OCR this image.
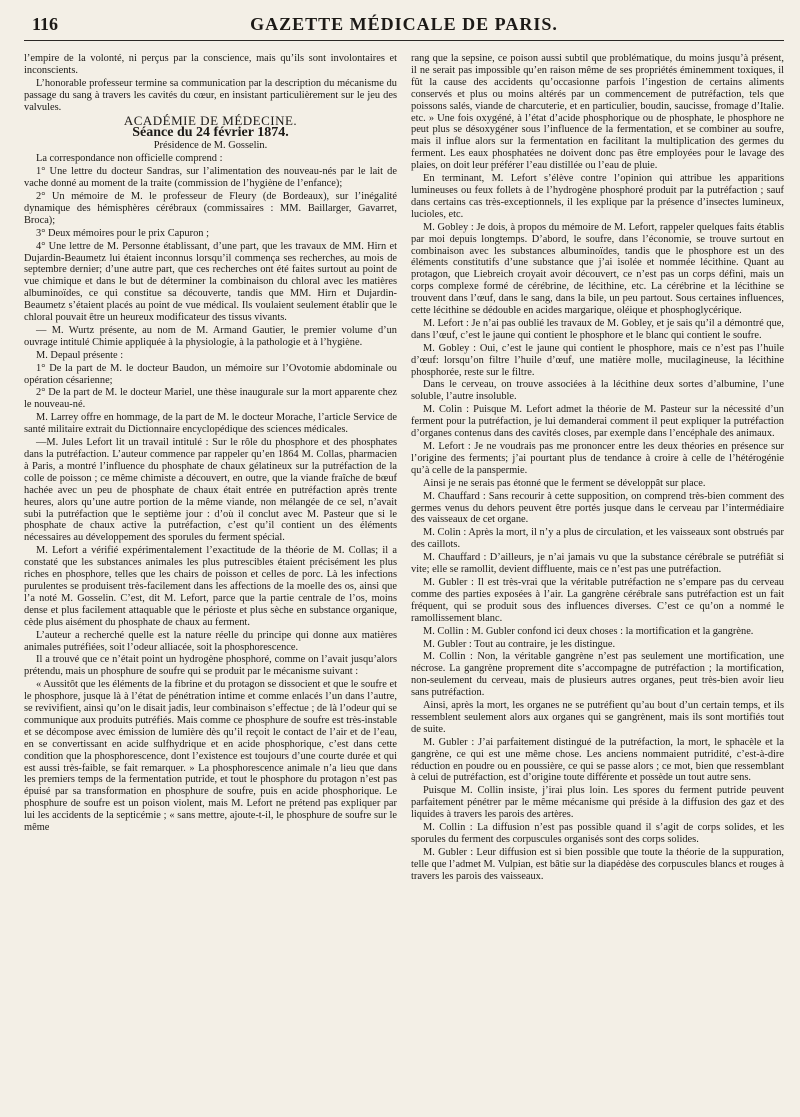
116	GAZETTE MÉDICALE DE PARIS.

l’empire de la volonté, ni perçus par la conscience, mais qu’ils sont involontaires et inconscients.

L’honorable professeur termine sa communication par la description du mécanisme du passage du sang à travers les cavités du cœur, en insistant particulièrement sur le jeu des valvules.

ACADÉMIE DE MÉDECINE.

Séance du 24 février 1874.

Présidence de M. Gosselin.

La correspondance non officielle comprend :

1° Une lettre du docteur Sandras, sur l’alimentation des nouveau-nés par le lait de vache donné au moment de la traite (commission de l’hygiène de l’enfance);

2° Un mémoire de M. le professeur de Fleury (de Bordeaux), sur l’inégalité dynamique des hémisphères cérébraux (commissaires : MM. Baillarger, Gavarret, Broca);

3° Deux mémoires pour le prix Capuron ;

4° Une lettre de M. Personne établissant, d’une part, que les travaux de MM. Hirn et Dujardin-Beaumetz lui étaient inconnus lorsqu’il commença ses recherches, au mois de septembre dernier; d’une autre part, que ces recherches ont été faites surtout au point de vue chimique et dans le but de déterminer la combinaison du chloral avec les matières albuminoïdes, ce qui constitue sa découverte, tandis que MM. Hirn et Dujardin-Beaumetz s’étaient placés au point de vue médical. Ils voulaient seulement établir que le chloral pouvait être un heureux modificateur des tissus vivants.

— M. Wurtz présente, au nom de M. Armand Gautier, le premier volume d’un ouvrage intitulé Chimie appliquée à la physiologie, à la pathologie et à l’hygiène.

M. Depaul présente :

1° De la part de M. le docteur Baudon, un mémoire sur l’Ovotomie abdominale ou opération césarienne;

2° De la part de M. le docteur Mariel, une thèse inaugurale sur la mort apparente chez le nouveau-né.

M. Larrey offre en hommage, de la part de M. le docteur Morache, l’article Service de santé militaire extrait du Dictionnaire encyclopédique des sciences médicales.

—M. Jules Lefort lit un travail intitulé : Sur le rôle du phosphore et des phosphates dans la putréfaction. L’auteur commence par rappeler qu’en 1864 M. Collas, pharmacien à Paris, a montré l’influence du phosphate de chaux gélatineux sur la putréfaction de la colle de poisson ; ce même chimiste a découvert, en outre, que la viande fraîche de bœuf hachée avec un peu de phosphate de chaux était entrée en putréfaction après trente heures, alors qu’une autre portion de la même viande, non mélangée de ce sel, n’avait subi la putréfaction que le septième jour : d’où il conclut avec M. Pasteur que si le phosphate de chaux active la putréfaction, c’est qu’il contient un des éléments nécessaires au développement des sporules du ferment spécial.

M. Lefort a vérifié expérimentalement l’exactitude de la théorie de M. Collas; il a constaté que les substances animales les plus putrescibles étaient précisément les plus riches en phosphore, telles que les chairs de poisson et celles de porc. Là les infections purulentes se produisent très-facilement dans les affections de la moelle des os, ainsi que l’a noté M. Gosselin. C’est, dit M. Lefort, parce que la partie centrale de l’os, moins dense et plus facilement attaquable que le périoste et plus sèche en substance organique, cède plus aisément du phosphate de chaux au ferment.

L’auteur a recherché quelle est la nature réelle du principe qui donne aux matières animales putréfiées, soit l’odeur alliacée, soit la phosphorescence.

Il a trouvé que ce n’était point un hydrogène phosphoré, comme on l’avait jusqu’alors prétendu, mais un phosphure de soufre qui se produit par le mécanisme suivant :

« Aussitôt que les éléments de la fibrine et du protagon se dissocient et que le soufre et le phosphore, jusque là à l’état de pénétration intime et comme enlacés l’un dans l’autre, se revivifient, ainsi qu’on le disait jadis, leur combinaison s’effectue ; de là l’odeur qui se communique aux produits putréfiés. Mais comme ce phosphure de soufre est très-instable et se décompose avec émission de lumière dès qu’il reçoit le contact de l’air et de l’eau, en se convertissant en acide sulfhydrique et en acide phosphorique, c’est dans cette condition que la phosphorescence, dont l’existence est toujours d’une courte durée et qui est aussi très-faible, se fait remarquer. » La phosphorescence animale n’a lieu que dans les premiers temps de la fermentation putride, et tout le phosphore du protagon n’est pas épuisé par sa transformation en phosphure de soufre, puis en acide phosphorique. Le phosphure de soufre est un poison violent, mais M. Lefort ne prétend pas expliquer par lui les accidents de la septicémie ; « sans mettre, ajoute-t-il, le phosphure de soufre sur le même

rang que la sepsine, ce poison aussi subtil que problématique, du moins jusqu’à présent, il ne serait pas impossible qu’en raison même de ses propriétés éminemment toxiques, il fût la cause des accidents qu’occasionne parfois l’ingestion de certains aliments conservés et plus ou moins altérés par un commencement de putréfaction, tels que poissons salés, viande de charcuterie, et en particulier, boudin, saucisse, fromage d’Italie. etc. » Une fois oxygéné, à l’état d’acide phosphorique ou de phosphate, le phosphore ne peut plus se désoxygéner sous l’influence de la fermentation, et se combiner au soufre, mais il influe alors sur la fermentation en facilitant la multiplication des germes du ferment. Les eaux phosphatées ne doivent donc pas être employées pour le lavage des plaies, on doit leur préférer l’eau distillée ou l’eau de pluie.

En terminant, M. Lefort s’élève contre l’opinion qui attribue les apparitions lumineuses ou feux follets à de l’hydrogène phosphoré produit par la putréfaction ; sauf dans certains cas très-exceptionnels, il les explique par la présence d’insectes lumineux, lucioles, etc.

M. Gobley : Je dois, à propos du mémoire de M. Lefort, rappeler quelques faits établis par moi depuis longtemps. D’abord, le soufre, dans l’économie, se trouve surtout en combinaison avec les substances albuminoïdes, tandis que le phosphore est un des éléments constitutifs d’une substance que j’ai isolée et nommée lécithine. Quant au protagon, que Liebreich croyait avoir découvert, ce n’est pas un corps défini, mais un corps complexe formé de cérébrine, de lécithine, etc. La cérébrine et la lécithine se trouvent dans l’œuf, dans le sang, dans la bile, un peu partout. Sous certaines influences, cette lécithine se dédouble en acides margarique, oléique et phosphoglycérique.

M. Lefort : Je n’ai pas oublié les travaux de M. Gobley, et je sais qu’il a démontré que, dans l’œuf, c’est le jaune qui contient le phosphore et le blanc qui contient le soufre.

M. Gobley : Oui, c’est le jaune qui contient le phosphore, mais ce n’est pas l’huile d’œuf: lorsqu’on filtre l’huile d’œuf, une matière molle, mucilagineuse, la lécithine phosphorée, reste sur le filtre.

Dans le cerveau, on trouve associées à la lécithine deux sortes d’albumine, l’une soluble, l’autre insoluble.

M. Colin : Puisque M. Lefort admet la théorie de M. Pasteur sur la nécessité d’un ferment pour la putréfaction, je lui demanderai comment il peut expliquer la putréfaction d’organes contenus dans des cavités closes, par exemple dans l’encéphale des animaux.

M. Lefort : Je ne voudrais pas me prononcer entre les deux théories en présence sur l’origine des ferments; j’ai pourtant plus de tendance à croire à celle de l’hétérogénie qu’à celle de la panspermie.

Ainsi je ne serais pas étonné que le ferment se développât sur place.

M. Chauffard : Sans recourir à cette supposition, on comprend très-bien comment des germes venus du dehors peuvent être portés jusque dans le cerveau par l’intermédiaire des vaisseaux de cet organe.

M. Colin : Après la mort, il n’y a plus de circulation, et les vaisseaux sont obstrués par des caillots.

M. Chauffard : D’ailleurs, je n’ai jamais vu que la substance cérébrale se putréfiât si vite; elle se ramollit, devient diffluente, mais ce n’est pas une putréfaction.

M. Gubler : Il est très-vrai que la véritable putréfaction ne s’empare pas du cerveau comme des parties exposées à l’air. La gangrène cérébrale sans putréfaction est un fait fréquent, qui se produit sous des influences diverses. C’est ce qu’on a nommé le ramollissement blanc.

M. Collin : M. Gubler confond ici deux choses : la mortification et la gangrène.

M. Gubler : Tout au contraire, je les distingue.

M. Collin : Non, la véritable gangrène n’est pas seulement une mortification, une nécrose. La gangrène proprement dite s’accompagne de putréfaction ; la mortification, non-seulement du cerveau, mais de plusieurs autres organes, peut très-bien avoir lieu sans putréfaction.

Ainsi, après la mort, les organes ne se putréfient qu’au bout d’un certain temps, et ils ressemblent seulement alors aux organes qui se gangrènent, mais ils sont mortifiés tout de suite.

M. Gubler : J’ai parfaitement distingué de la putréfaction, la mort, le sphacèle et la gangrène, ce qui est une même chose. Les anciens nommaient putridité, c’est-à-dire réduction en poudre ou en poussière, ce qui se passe alors ; ce mot, bien que ressemblant à celui de putréfaction, est d’origine toute différente et possède un tout autre sens.

Puisque M. Collin insiste, j’irai plus loin. Les spores du ferment putride peuvent parfaitement pénétrer par le même mécanisme qui préside à la diffusion des gaz et des liquides à travers les parois des artères.

M. Collin : La diffusion n’est pas possible quand il s’agit de corps solides, et les sporules du ferment des corpuscules organisés sont des corps solides.

M. Gubler : Leur diffusion est si bien possible que toute la théorie de la suppuration, telle que l’admet M. Vulpian, est bâtie sur la diapédèse des corpuscules blancs et rouges à travers les parois des vaisseaux.
